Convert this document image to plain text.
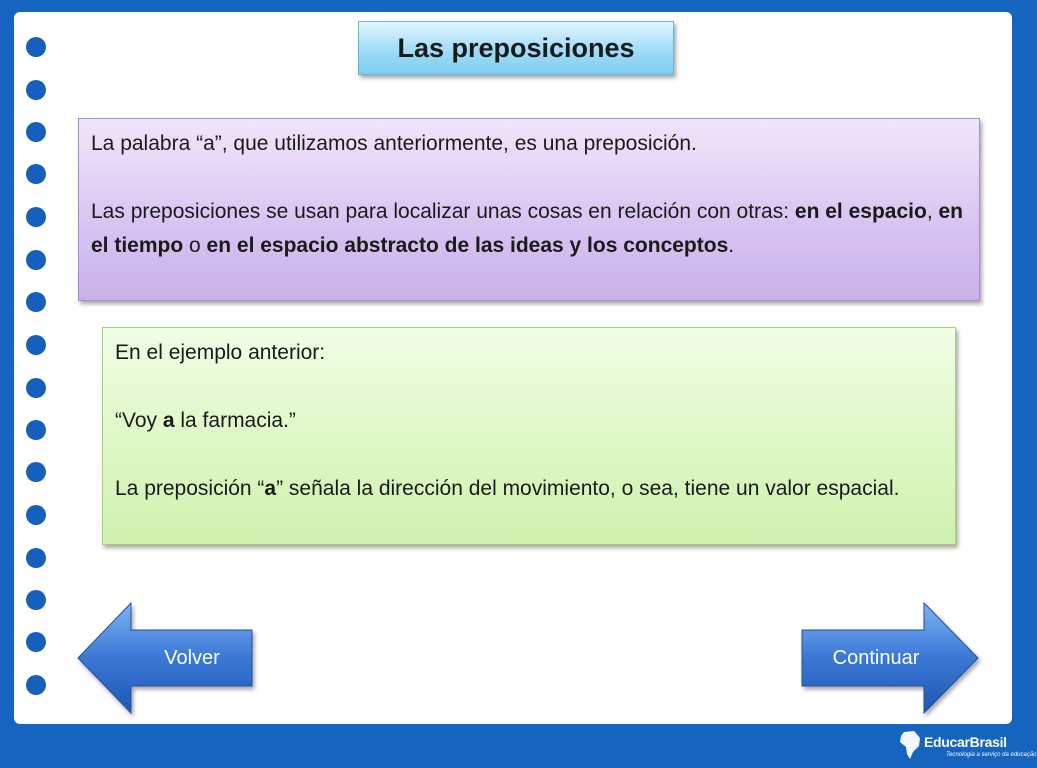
Las preposiciones

La palabra “a”, que utilizamos anteriormente, es una preposición.

Las preposiciones se usan para localizar unas cosas en relación con otras: en el espacio, en el tiempo o en el espacio abstracto de las ideas y los conceptos.

En el ejemplo anterior:

“Voy a la farmacia.”

La preposición “a” señala la dirección del movimiento, o sea, tiene un valor espacial.

Volver	Continuar
EducarBrasil
Tecnologia a serviço da educação
